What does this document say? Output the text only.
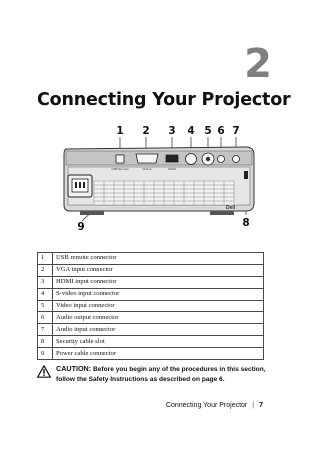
2
Connecting Your Projector
USB Remote	VGA-A	HDMI
Dell
1	2	3	4 5 6 7
8
9
1	USB remote connector
2	VGA input connector
3	HDMI input connector
4	S-video input connector
5	Video input connector
6	Audio output connector
7	Audio input connector
8	Security cable slot
9	Power cable connector

CAUTION: Before you begin any of the procedures in this section, follow the Safety Instructions as described on page 6.

Connecting Your Projector | 7
